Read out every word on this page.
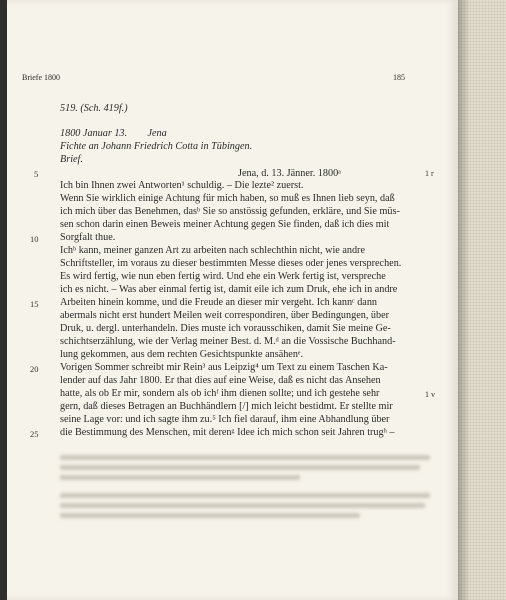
Briefe 1800	185
519. (Sch. 419f.)
1800 Januar 13.        Jena
Fichte an Johann Friedrich Cotta in Tübingen.
Brief.
Jena, d. 13. Jänner. 1800ᵃ
Ich bin Ihnen zwei Antworten¹ schuldig. – Die lezte² zuerst.
Wenn Sie wirklich einige Achtung für mich haben, so muß es Ihnen lieb seyn, daß
ich mich über das Benehmen, dasᵇ Sie so anstössig gefunden, erkläre, und Sie müs-
sen schon darin einen Beweis meiner Achtung gegen Sie finden, daß ich dies mit
Sorgfalt thue.
Ichᵇ kann, meiner ganzen Art zu arbeiten nach schlechthin nicht, wie andre
Schriftsteller, im voraus zu dieser bestimmten Messe dieses oder jenes versprechen.
Es wird fertig, wie nun eben fertig wird. Und ehe ein Werk fertig ist, verspreche
ich es nicht. – Was aber einmal fertig ist, damit eile ich zum Druk, ehe ich in andre
Arbeiten hinein komme, und die Freude an dieser mir vergeht. Ich kannᶜ dann
abermals nicht erst hundert Meilen weit correspondiren, über Bedingungen, über
Druk, u. dergl. unterhandeln. Dies muste ich vorausschiken, damit Sie meine Ge-
schichtserzählung, wie der Verlag meiner Best. d. M.ᵈ an die Vossische Buchhand-
lung gekommen, aus dem rechten Gesichtspunkte ansähenᵉ.
Vorigen Sommer schreibt mir Rein³ aus Leipzig⁴ um Text zu einem Taschen Ka-
lender auf das Jahr 1800. Er that dies auf eine Weise, daß es nicht das Ansehen
hatte, als ob Er mir, sondern als ob ichᶠ ihm dienen sollte; und ich gestehe sehr
gern, daß dieses Betragen an Buchhändlern [/] mich leicht bestidmt. Er stellte mir
seine Lage vor: und ich sagte ihm zu.⁵ Ich fiel darauf, ihm eine Abhandlung über
die Bestimmung des Menschen, mit derenᵍ Idee ich mich schon seit Jahren trugʰ –
5
10
15
20
25
1 r
1 v
